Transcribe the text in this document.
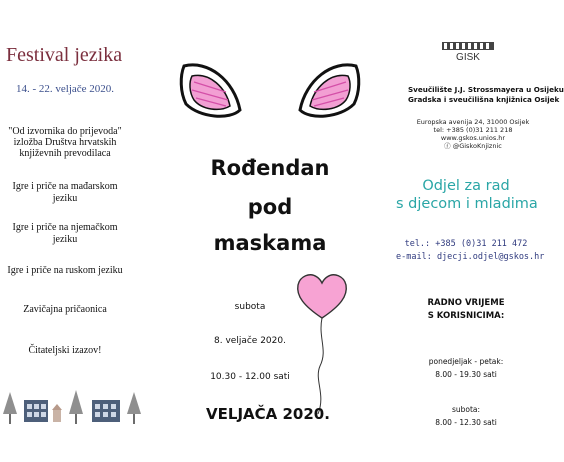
Festival jezika
14. - 22. veljače 2020.
"Od izvornika do prijevoda"
izložba Društva hrvatskih
književnih prevodilaca
Igre i priče na mađarskom jeziku
Igre i priče na njemačkom jeziku
Igre i priče na ruskom jeziku
Zavičajna pričaonica
Čitateljski izazov!
Rođendan
pod
maskama
subota
8. veljače 2020.
10.30 - 12.00 sati
VELJAČA 2020.
GISK
Sveučilište J.J. Strossmayera u Osijeku
Gradska i sveučilišna knjižnica Osijek
Europska avenija 24, 31000 Osijek
tel: +385 (0)31 211 218
www.gskos.unios.hr
ⓕ @GiskoKnjiznic
Odjel za rad
s djecom i mladima
tel.: +385 (0)31 211 472
e-mail: djecji.odjel@gskos.hr
RADNO VRIJEME
S KORISNICIMA:
ponedjeljak - petak:
8.00 - 19.30 sati
subota:
8.00 - 12.30 sati
